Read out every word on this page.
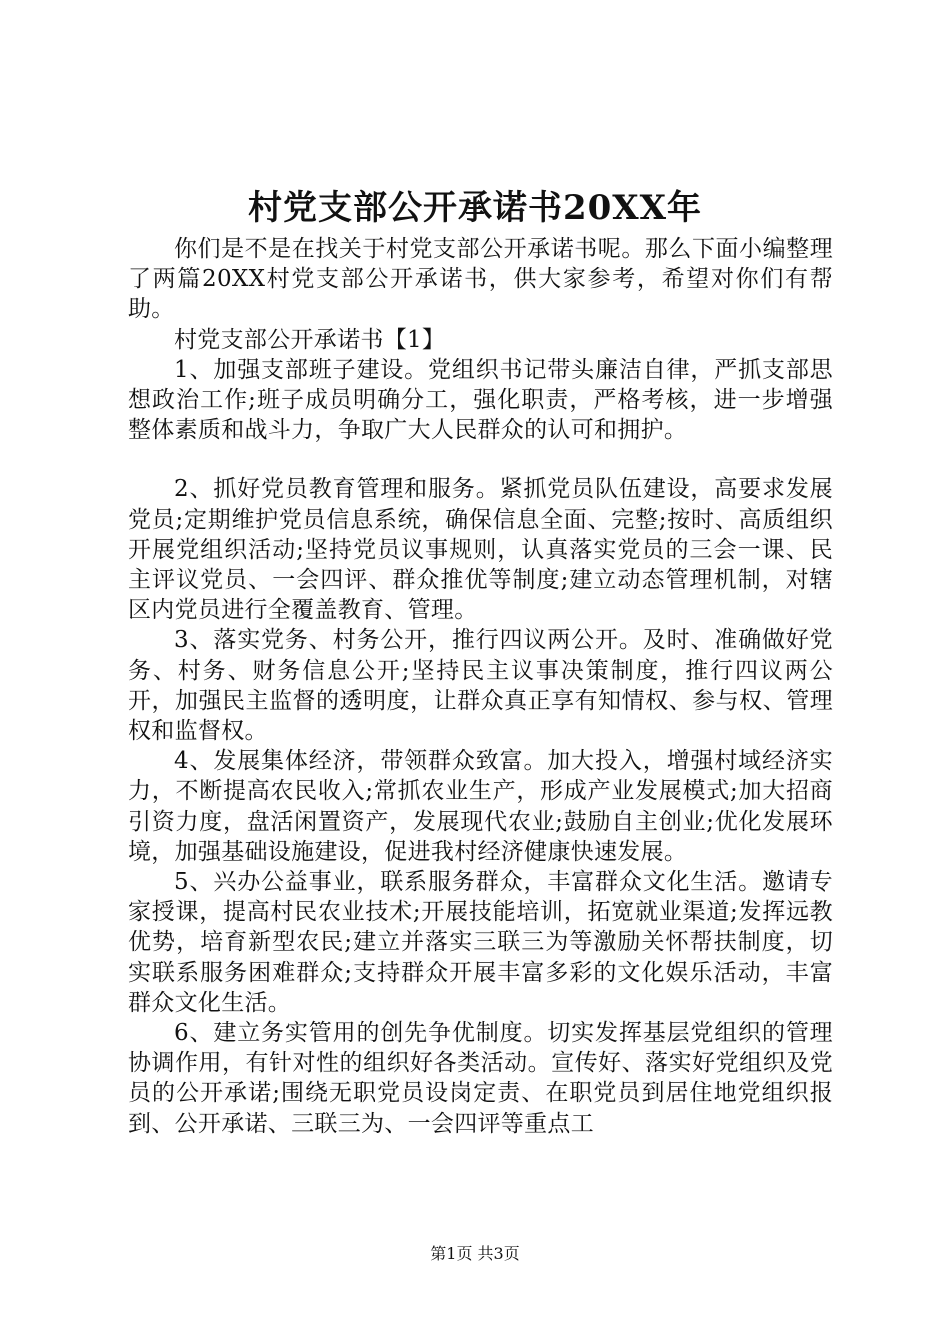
村党支部公开承诺书20XX年

你们是不是在找关于村党支部公开承诺书呢。那么下面小编整理了两篇20XX村党支部公开承诺书，供大家参考，希望对你们有帮助。

村党支部公开承诺书【1】

1、加强支部班子建设。党组织书记带头廉洁自律，严抓支部思想政治工作;班子成员明确分工，强化职责，严格考核，进一步增强整体素质和战斗力，争取广大人民群众的认可和拥护。

2、抓好党员教育管理和服务。紧抓党员队伍建设，高要求发展党员;定期维护党员信息系统，确保信息全面、完整;按时、高质组织开展党组织活动;坚持党员议事规则，认真落实党员的三会一课、民主评议党员、一会四评、群众推优等制度;建立动态管理机制，对辖区内党员进行全覆盖教育、管理。

3、落实党务、村务公开，推行四议两公开。及时、准确做好党务、村务、财务信息公开;坚持民主议事决策制度，推行四议两公开，加强民主监督的透明度，让群众真正享有知情权、参与权、管理权和监督权。

4、发展集体经济，带领群众致富。加大投入，增强村域经济实力，不断提高农民收入;常抓农业生产，形成产业发展模式;加大招商引资力度，盘活闲置资产，发展现代农业;鼓励自主创业;优化发展环境，加强基础设施建设，促进我村经济健康快速发展。

5、兴办公益事业，联系服务群众，丰富群众文化生活。邀请专家授课，提高村民农业技术;开展技能培训，拓宽就业渠道;发挥远教优势，培育新型农民;建立并落实三联三为等激励关怀帮扶制度，切实联系服务困难群众;支持群众开展丰富多彩的文化娱乐活动，丰富群众文化生活。

6、建立务实管用的创先争优制度。切实发挥基层党组织的管理协调作用，有针对性的组织好各类活动。宣传好、落实好党组织及党员的公开承诺;围绕无职党员设岗定责、在职党员到居住地党组织报到、公开承诺、三联三为、一会四评等重点工

第1页 共3页
